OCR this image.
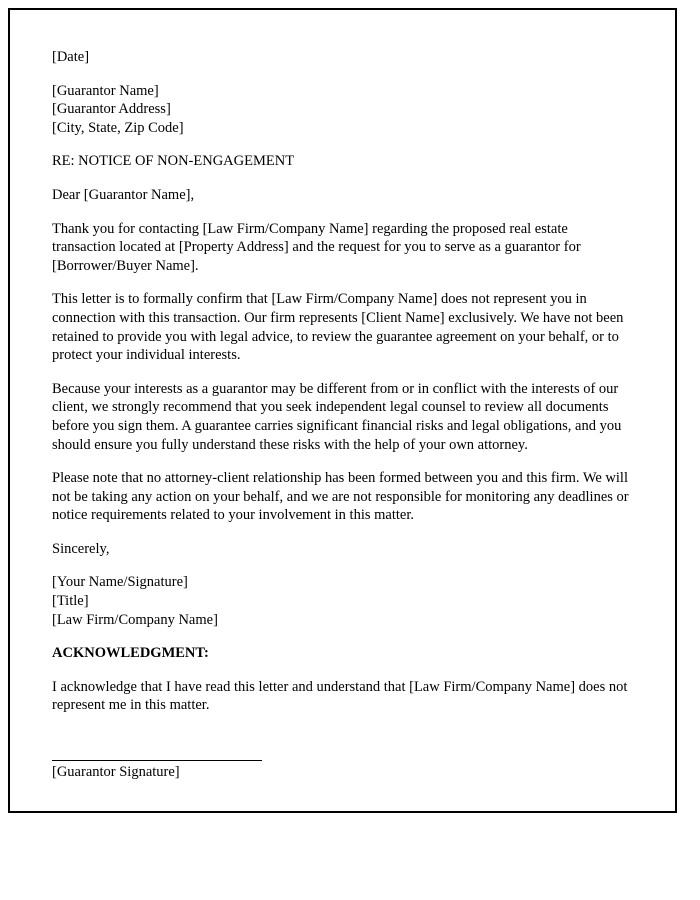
[Date]
[Guarantor Name]
[Guarantor Address]
[City, State, Zip Code]
RE: NOTICE OF NON-ENGAGEMENT
Dear [Guarantor Name],

Thank you for contacting [Law Firm/Company Name] regarding the proposed real estate transaction located at [Property Address] and the request for you to serve as a guarantor for [Borrower/Buyer Name].

This letter is to formally confirm that [Law Firm/Company Name] does not represent you in connection with this transaction. Our firm represents [Client Name] exclusively. We have not been retained to provide you with legal advice, to review the guarantee agreement on your behalf, or to protect your individual interests.

Because your interests as a guarantor may be different from or in conflict with the interests of our client, we strongly recommend that you seek independent legal counsel to review all documents before you sign them. A guarantee carries significant financial risks and legal obligations, and you should ensure you fully understand these risks with the help of your own attorney.

Please note that no attorney-client relationship has been formed between you and this firm. We will not be taking any action on your behalf, and we are not responsible for monitoring any deadlines or notice requirements related to your involvement in this matter.

Sincerely,
[Your Name/Signature]
[Title]
[Law Firm/Company Name]
ACKNOWLEDGMENT:

I acknowledge that I have read this letter and understand that [Law Firm/Company Name] does not represent me in this matter.

[Guarantor Signature]
